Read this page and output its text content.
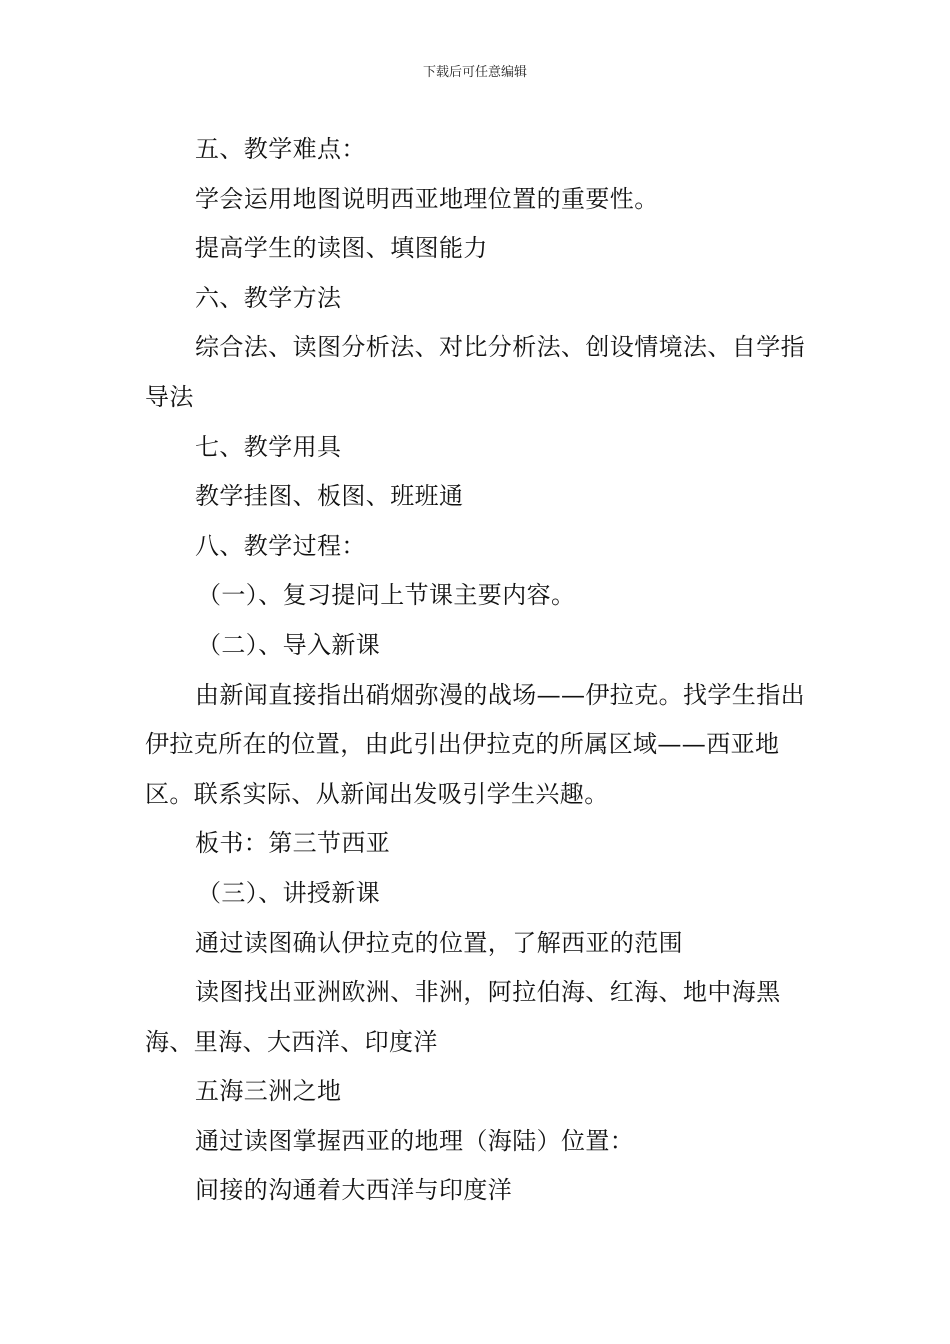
下载后可任意编辑

五、教学难点：

学会运用地图说明西亚地理位置的重要性。

提高学生的读图、填图能力

六、教学方法

综合法、读图分析法、对比分析法、创设情境法、自学指导法

七、教学用具

教学挂图、板图、班班通

八、教学过程：

（一）、复习提问上节课主要内容。

（二）、导入新课

由新闻直接指出硝烟弥漫的战场——伊拉克。找学生指出伊拉克所在的位置，由此引出伊拉克的所属区域——西亚地区。联系实际、从新闻出发吸引学生兴趣。

板书：第三节西亚

（三）、讲授新课

通过读图确认伊拉克的位置，了解西亚的范围

读图找出亚洲欧洲、非洲，阿拉伯海、红海、地中海黑海、里海、大西洋、印度洋

五海三洲之地

通过读图掌握西亚的地理（海陆）位置：

间接的沟通着大西洋与印度洋
